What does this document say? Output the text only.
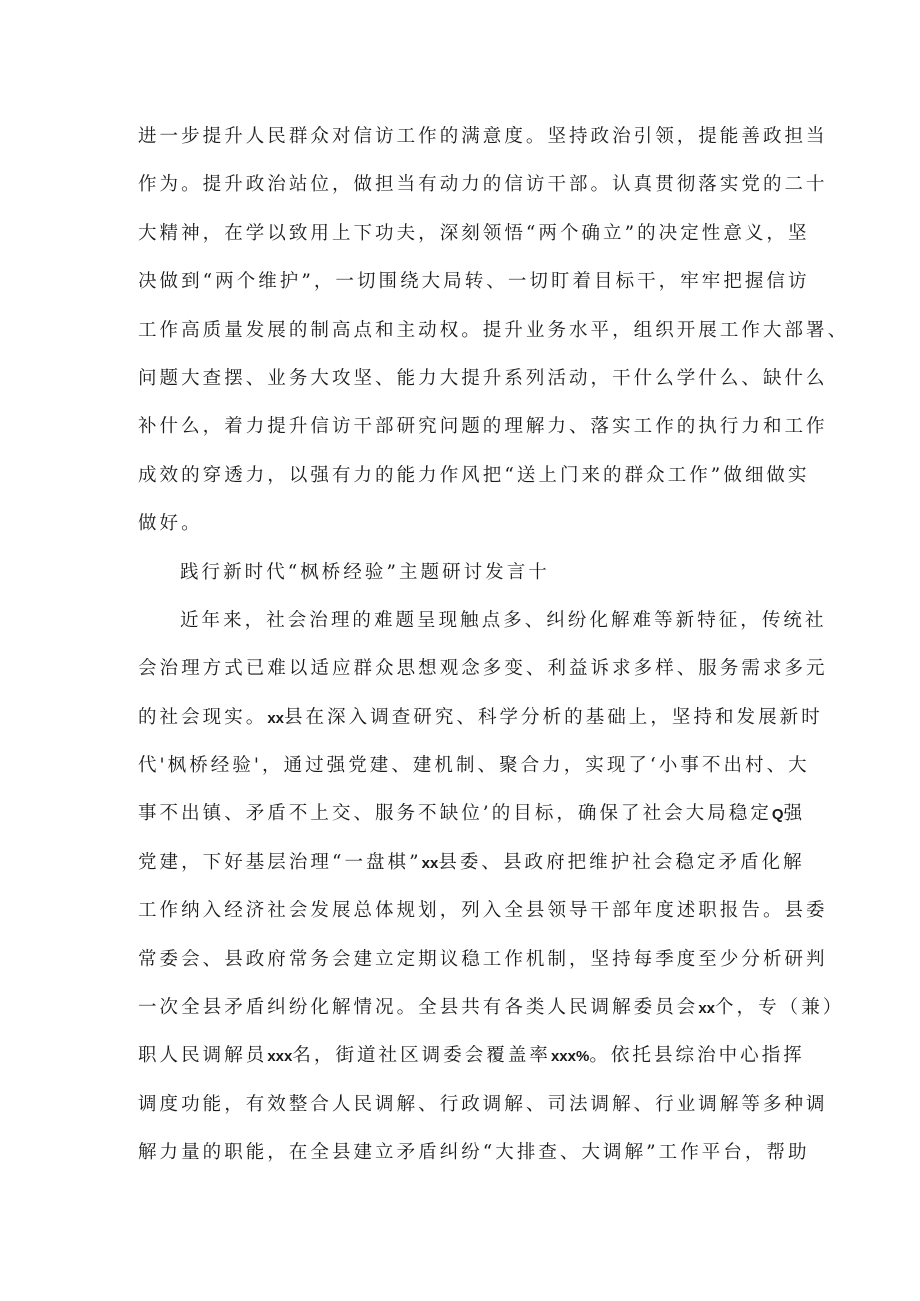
进一步提升人民群众对信访工作的满意度。坚持政治引领，提能善政担当
作为。提升政治站位，做担当有动力的信访干部。认真贯彻落实党的二十
大精神，在学以致用上下功夫，深刻领悟“两个确立”的决定性意义，坚
决做到“两个维护”，一切围绕大局转、一切盯着目标干，牢牢把握信访
工作高质量发展的制高点和主动权。提升业务水平，组织开展工作大部署、
问题大查摆、业务大攻坚、能力大提升系列活动，干什么学什么、缺什么
补什么，着力提升信访干部研究问题的理解力、落实工作的执行力和工作
成效的穿透力，以强有力的能力作风把“送上门来的群众工作”做细做实
做好。
践行新时代“枫桥经验”主题研讨发言十
近年来，社会治理的难题呈现触点多、纠纷化解难等新特征，传统社
会治理方式已难以适应群众思想观念多变、利益诉求多样、服务需求多元
的社会现实。xx县在深入调查研究、科学分析的基础上，坚持和发展新时
代'枫桥经验'，通过强党建、建机制、聚合力，实现了‘小事不出村、大
事不出镇、矛盾不上交、服务不缺位’的目标，确保了社会大局稳定Q强
党建，下好基层治理“一盘棋”xx县委、县政府把维护社会稳定矛盾化解
工作纳入经济社会发展总体规划，列入全县领导干部年度述职报告。县委
常委会、县政府常务会建立定期议稳工作机制，坚持每季度至少分析研判
一次全县矛盾纠纷化解情况。全县共有各类人民调解委员会xx个，专（兼）
职人民调解员xxx名，街道社区调委会覆盖率xxx%。依托县综治中心指挥
调度功能，有效整合人民调解、行政调解、司法调解、行业调解等多种调
解力量的职能，在全县建立矛盾纠纷“大排查、大调解”工作平台，帮助
